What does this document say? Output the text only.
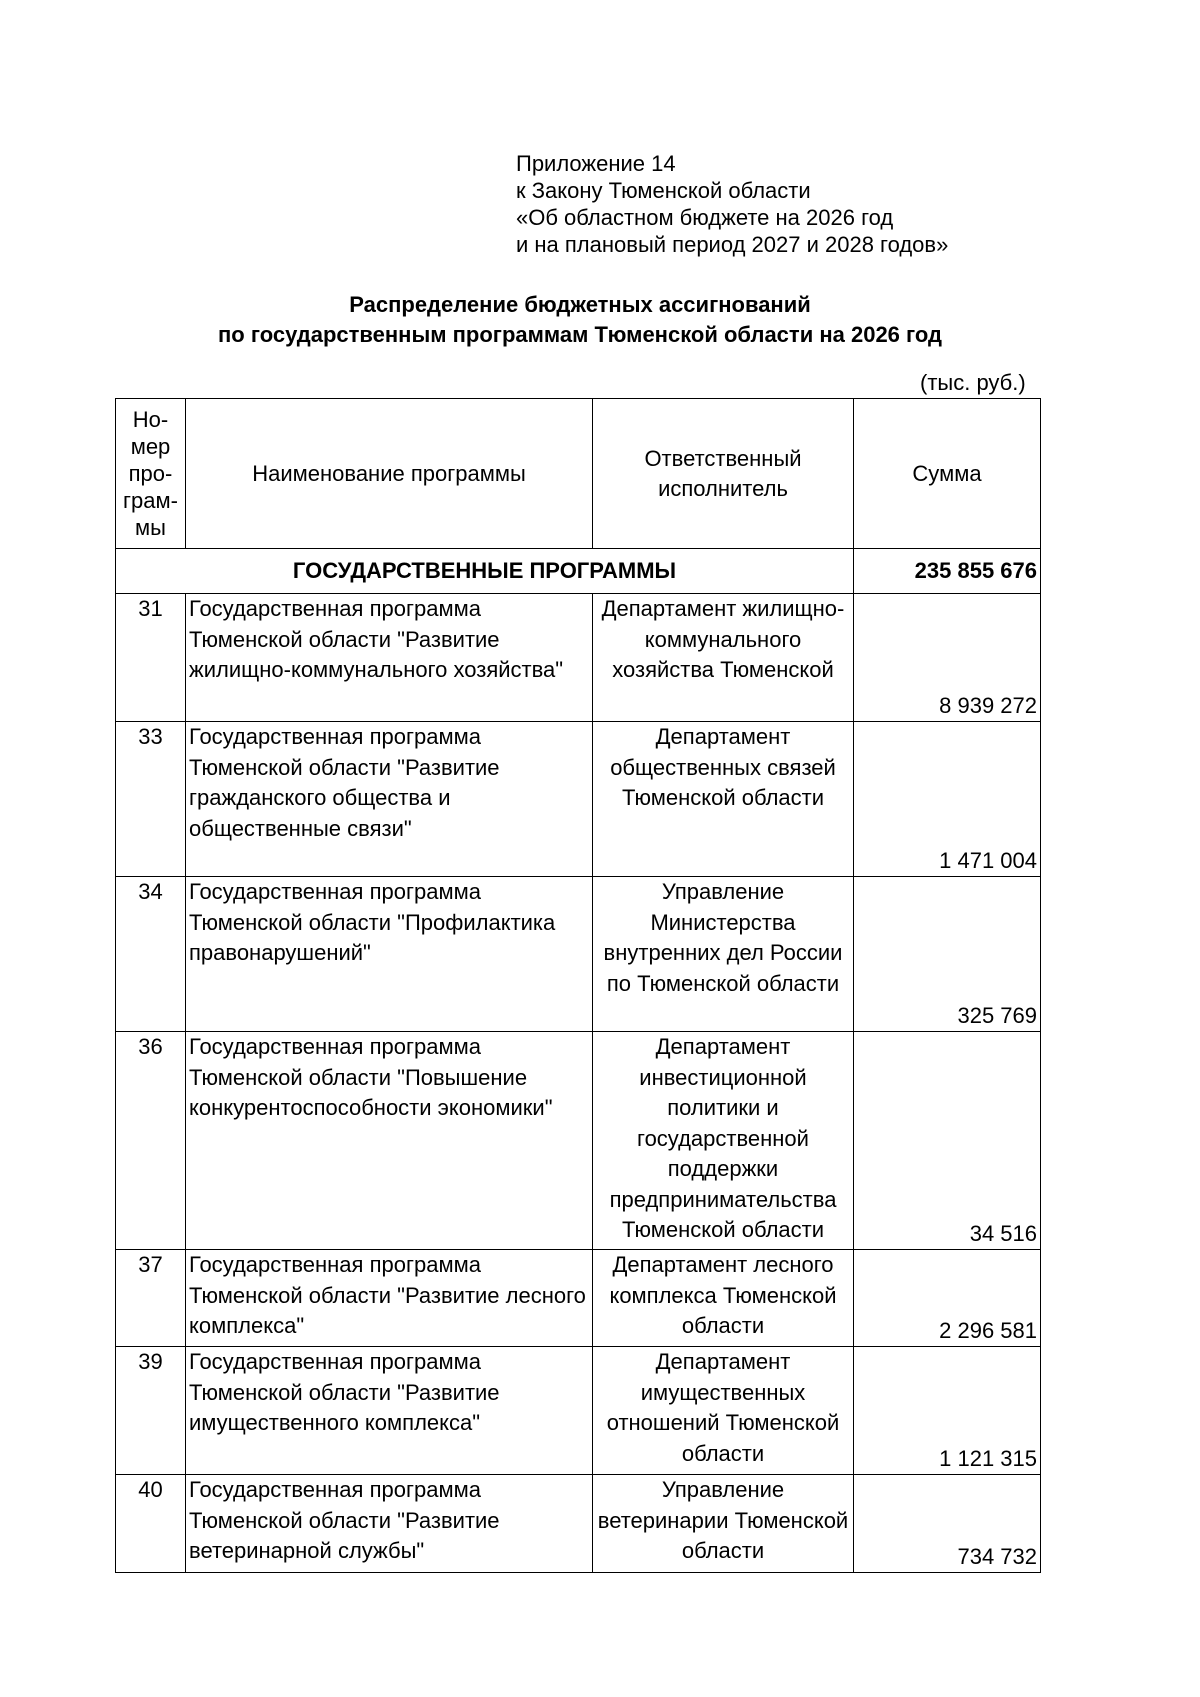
Приложение 14
к Закону Тюменской области
«Об областном бюджете на 2026 год
и на плановый период 2027 и 2028 годов»
Распределение бюджетных ассигнований
по государственным программам Тюменской области на 2026 год
(тыс. руб.)
Но-
мер
про-
грам-
мы	Наименование программы	Ответственный исполнитель	Сумма
ГОСУДАРСТВЕННЫЕ ПРОГРАММЫ			235 855 676
31	Государственная программа Тюменской области "Развитие жилищно-коммунального хозяйства"	Департамент жилищно-коммунального хозяйства Тюменской	8 939 272
33	Государственная программа Тюменской области "Развитие гражданского общества и общественные связи"	Департамент общественных связей Тюменской области	1 471 004
34	Государственная программа Тюменской области "Профилактика правонарушений"	Управление Министерства внутренних дел России по Тюменской области	325 769
36	Государственная программа Тюменской области "Повышение конкурентоспособности экономики"	Департамент инвестиционной политики и государственной поддержки предпринимательства Тюменской области	34 516
37	Государственная программа Тюменской области "Развитие лесного комплекса"	Департамент лесного комплекса Тюменской области	2 296 581
39	Государственная программа Тюменской области "Развитие имущественного комплекса"	Департамент имущественных отношений Тюменской области	1 121 315
40	Государственная программа Тюменской области "Развитие ветеринарной службы"	Управление ветеринарии Тюменской области	734 732
